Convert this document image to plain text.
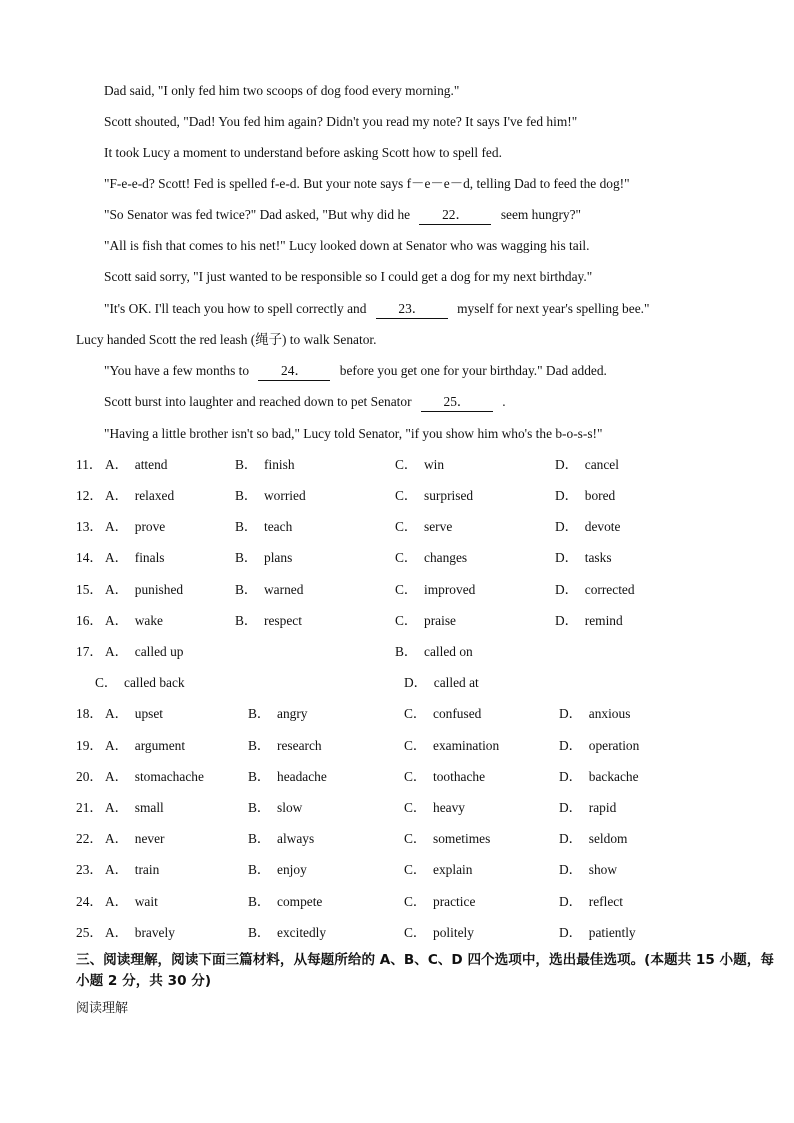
Dad said, "I only fed him two scoops of dog food every morning."
Scott shouted, "Dad! You fed him again? Didn't you read my note? It says I've fed him!"
It took Lucy a moment to understand before asking Scott how to spell fed.
"F-e-e-d? Scott! Fed is spelled f-e-d. But your note says f－e－e－d, telling Dad to feed the dog!"
"So Senator was fed twice?" Dad asked, "But why did he 22． seem hungry?"
"All is fish that comes to his net!" Lucy looked down at Senator who was wagging his tail.
Scott said sorry, "I just wanted to be responsible so I could get a dog for my next birthday."
"It's OK. I'll teach you how to spell correctly and 23． myself for next year's spelling bee."
Lucy handed Scott the red leash (绳子) to walk Senator.
"You have a few months to 24． before you get one for your birthday." Dad added.
Scott burst into laughter and reached down to pet Senator 25． .
"Having a little brother isn't so bad," Lucy told Senator, "if you show him who's the b-o-s-s!"
11． A．　attend	B．　finish	C．　win	D．　cancel
12． A．　relaxed	B．　worried	C．　surprised	D．　bored
13． A．　prove	B．　teach	C．　serve	D．　devote
14． A．　finals	B．　plans	C．　changes	D．　tasks
15． A．　punished	B．　warned	C．　improved	D．　corrected
16． A．　wake	B．　respect	C．　praise	D．　remind
17． A．　called up	B．　called on
C．　called back	D．　called at
18． A．　upset	B．　angry	C．　confused	D．　anxious
19． A．　argument	B．　research	C．　examination	D．　operation
20． A．　stomachache	B．　headache	C．　toothache	D．　backache
21． A．　small	B．　slow	C．　heavy	D．　rapid
22． A．　never	B．　always	C．　sometimes	D．　seldom
23． A．　train	B．　enjoy	C．　explain	D．　show
24． A．　wait	B．　compete	C．　practice	D．　reflect
25． A．　bravely	B．　excitedly	C．　politely	D．　patiently
三、阅读理解，阅读下面三篇材料，从每题所给的 A、B、C、D 四个选项中，选出最佳选项。(本题共 15 小题，每小题 2 分，共 30 分)
阅读理解
